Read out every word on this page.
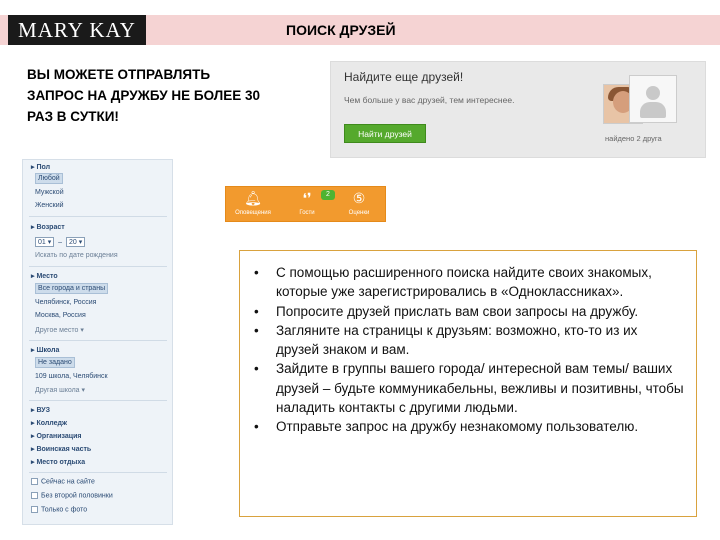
MARY KAY	ПОИСК ДРУЗЕЙ
ВЫ МОЖЕТЕ ОТПРАВЛЯТЬ
ЗАПРОС НА ДРУЖБУ НЕ БОЛЕЕ 30
РАЗ В СУТКИ!
Найдите еще друзей!
Чем больше у вас друзей, тем интереснее.
Найти друзей	найдено 2 друга
▸ Пол
Любой
Мужской
Женский
▸ Возраст
01 ▾  –  20 ▾
Искать по дате рождения
▸ Место
Все города и страны
Челябинск, Россия
Москва, Россия
Другое место ▾
▸ Школа
Не задано
109 школа, Челябинск
Другая школа ▾
▸ ВУЗ
▸ Колледж
▸ Организация
▸ Воинская часть
▸ Место отдыха
Сейчас на сайте
Без второй половинки
Только с фото
🔔︎
Оповещения
❛❜
Гости
2	⑤
Оценки
• С помощью расширенного поиска найдите своих знакомых, которые уже зарегистрировались в «Одноклассниках».
• Попросите друзей прислать вам свои запросы на дружбу.
• Загляните на страницы к друзьям: возможно, кто-то из их друзей знаком и вам.
• Зайдите в группы вашего города/ интересной вам темы/ ваших друзей – будьте коммуникабельны, вежливы и позитивны, чтобы наладить контакты с другими людьми.
• Отправьте запрос на дружбу незнакомому пользователю.
